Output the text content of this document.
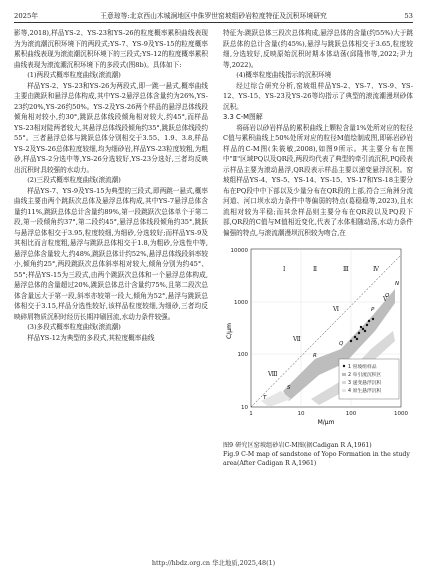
2025年	王意琼等:北京西山木城涧地区中侏罗世窑坡组砂岩粒度特征及沉积环境研究	53

影等,2018),样品YS-2、YS-23和YS-26的粒度概率累积曲线表现为为滚流潮沉积环境下的两段式;YS-7、YS-9及YS-15的粒度概率累积曲线表现为滚流潮沉积环境下的三段式;YS-12的粒度概率累积曲线表现为滚流潮沉积环境下的多段式(图8b)。具体如下:

(1)两段式概率粒度曲线(滚流潮)

样品YS-2、YS-23和YS-26为两段式,即一跳一悬式,概率曲线主要由跳跃和悬浮总体构成,其中YS-2悬浮总体含量约为26%,YS-23约20%,YS-26约50%。YS-2及YS-26两个样品的悬浮总体线段倾角相对较小,约30°,跳跃总体线段倾角相对较大,约45°,而样品YS-23相对陡两者较大,其悬浮总体线段倾角约35°,跳跃总体线段约55°。三者悬浮总体与跳跃总体分别相交于3.55、1.9、3.8,样品YS-2及YS-26总体粒度较细,均为细砂岩,样品YS-23粒度较粗,为粗砂,样品YS-2分选中等,YS-26分选较好,YS-23分选好,三者均反映出沉积时具较强的水动力。

(2)三段式概率粒度曲线(滚流潮)

样品YS-7、YS-9及YS-15为典型的三段式,即两跳一悬式,概率曲线主要由两个跳跃次总体及悬浮总体构成,其中YS-7悬浮总体含量约11%,跳跃总体总计含量约89%,第一段跳跃次总体单个于第二段,第一段倾角约37°,第二段约45°,悬浮总体线段倾角约35°,跳跃与悬浮总体相交于3.95,粒度较细,为细砂,分选较好;而样品YS-9及其相比而言粒度粗,悬浮与跳跃总体相交于1.8,为粗砂,分选性中等,悬浮总体含量较大,约48%,跳跃总体计约52%,悬浮总体线段斜率较小,倾角约25°,两段跳跃次总体斜率相对较大,倾角分别为约45°、55°;样品YS-15为三段式,由两个跳跃次总体和一个悬浮总体构成,悬浮总体的含量超过20%,跳跃总体总计含量约75%,且第二段次总体含量远大于第一段,斜率亦较第一段大,倾角为52°,悬浮与跳跃总体相交于3.15,样品分选性较好,该样品粒度较细,为细砂,三者均反映碎屑物质沉积时经历长期冲刷回流,水动力条件较强。

(3)多段式概率粒度曲线(滚流潮)

样品YS-12为典型的多段式,其粒度概率曲线

特征为:跳跃总体三段次总体构成,悬浮总体的含量(约55%)大于跳跃总体的总计含量(约45%),悬浮与跳跃总体相交于3.65,粒度较细,分选较好,反映原始沉积时期本体动荡(邱隆伟等,2022;尹力等,2022)。

(4)概率粒度曲线指示的沉积环境

经过综合研究分析,窑坡组样品YS-2、YS-7、YS-9、YS-12、YS-15、YS-23及YS-26等均指示了典型的滚流潮漫坝砂体沉积。

3.3 C-M图解

将砾岩以砂岩样品的累积曲线上颗粒含量1%处所对应的粒径C值与累积曲线上50%处所对应的粒径M值绘制成图,即砾岩砂岩样品的C-M图(朱筱敏,2008),如图9所示。其主要分布在图中"Ⅱ"区域PQ以及QR段,两段均代表了典型的牵引流沉积,PQ段表示样品主要为滚动悬浮,QR段表示样品主要以递变悬浮沉积。窑坡组样品YS-4、YS-5、YS-14、YS-15、YS-17和YS-18主要分布在PQ段中中下部以及少量分布在QR段的上部,符合三角洲分流河道、河口坝水动力条件中等偏弱的特点(葛稳稳等,2023),且水流相对较为平稳;而其余样品则主要分布在QR段以及PQ段下部,QR段的C值与M值相近变化,代表了水体相随动荡,水动力条件偏强的特点,与滚流潮漫坝沉积较为吻合,在

1	10	100	1000
10
100
1000
10000
M/μm
C/μm
Ⅰ	Ⅱ	Ⅲ	Ⅳ
Ⅴ
Ⅵ
Ⅶ
Ⅷ
N
O
P
Q
R
S
T
1 窑坡组样品
2 牵引流沉积区
3 递变悬浮沉积
4 原生悬浮沉积

图9 研究区窑坡组砂岩C-M图(据Cadigan R A,1961)

Fig.9 C-M map of sandstone of Yopo Formation in the study area(After Cadigan R A,1961)

http://hbdz.org.cn 华北地质,2025,48(1)
